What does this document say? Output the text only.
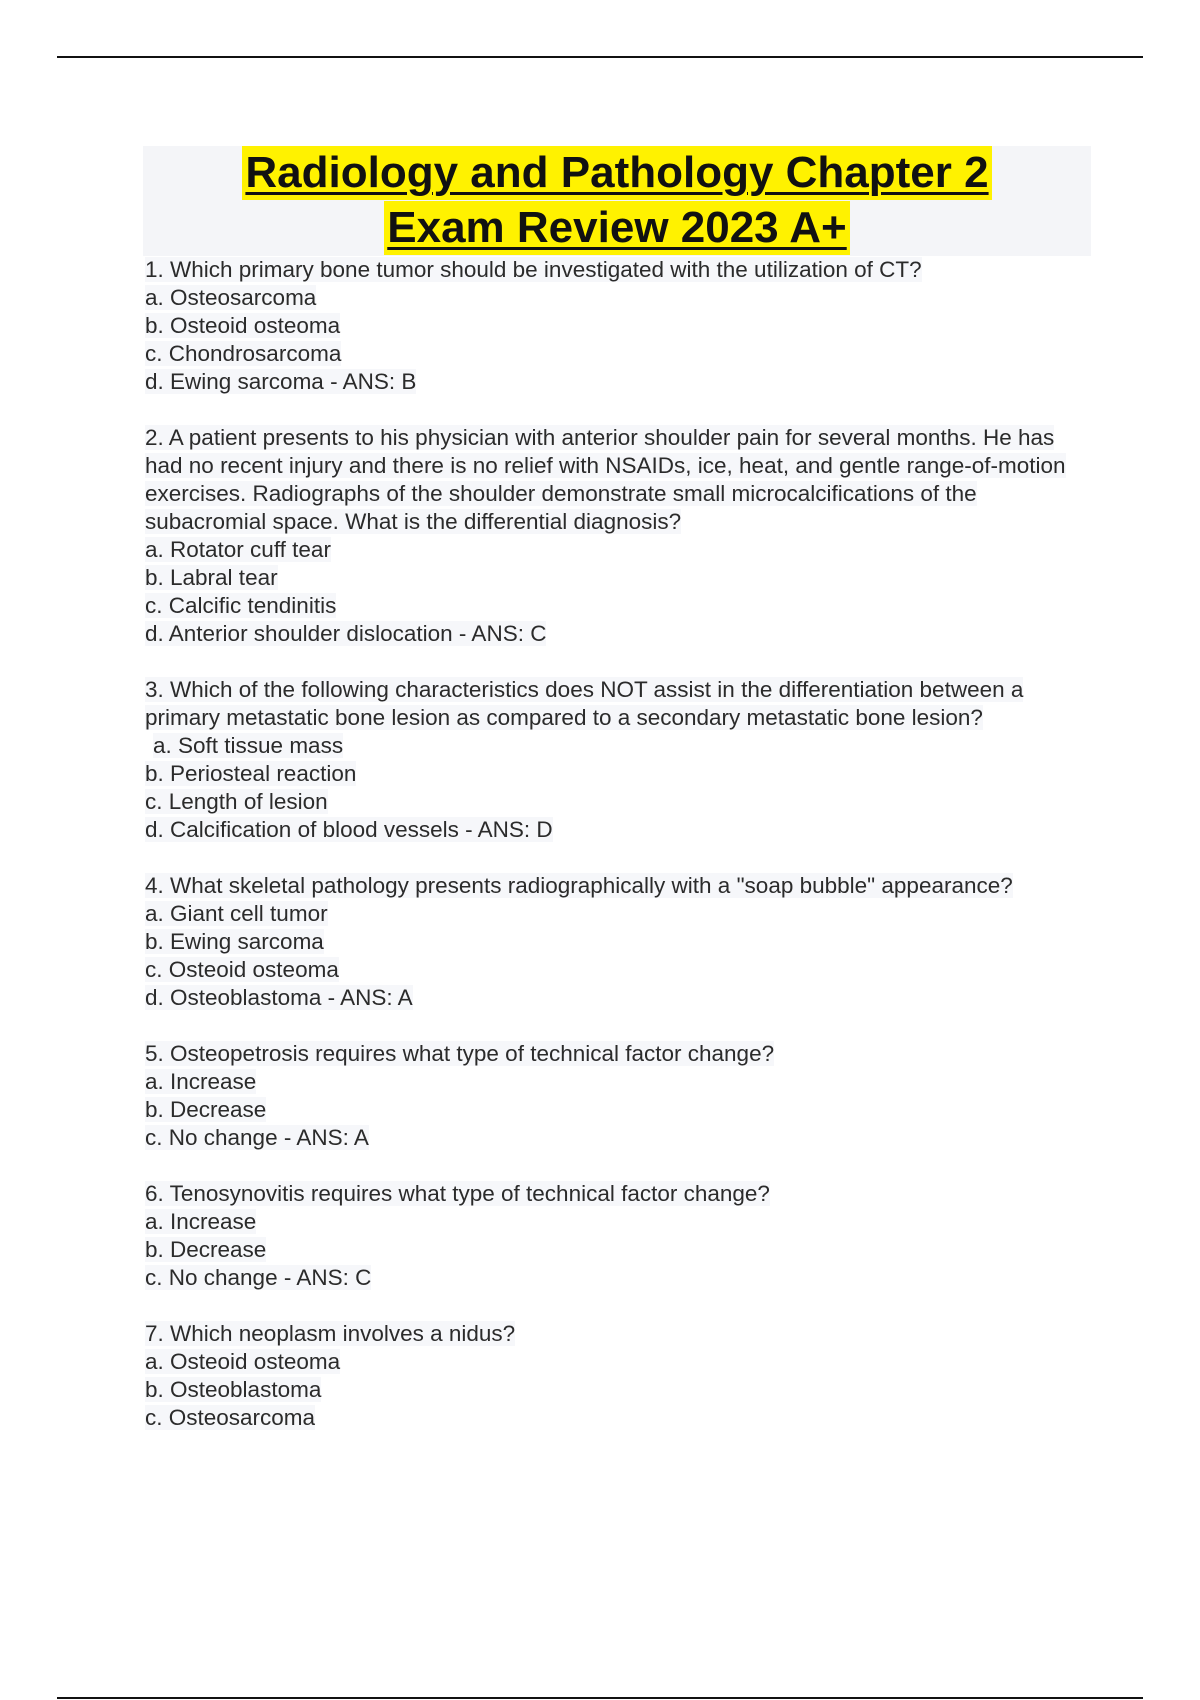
Radiology and Pathology Chapter 2
Exam Review 2023 A+

1. Which primary bone tumor should be investigated with the utilization of CT?

a. Osteosarcoma

b. Osteoid osteoma

c. Chondrosarcoma

d. Ewing sarcoma - ANS: B

2. A patient presents to his physician with anterior shoulder pain for several months. He has had no recent injury and there is no relief with NSAIDs, ice, heat, and gentle range-of-motion exercises. Radiographs of the shoulder demonstrate small microcalcifications of the subacromial space. What is the differential diagnosis?

a. Rotator cuff tear

b. Labral tear

c. Calcific tendinitis

d. Anterior shoulder dislocation - ANS: C

3. Which of the following characteristics does NOT assist in the differentiation between a primary metastatic bone lesion as compared to a secondary metastatic bone lesion?

a. Soft tissue mass

b. Periosteal reaction

c. Length of lesion

d. Calcification of blood vessels - ANS: D

4. What skeletal pathology presents radiographically with a "soap bubble" appearance?

a. Giant cell tumor

b. Ewing sarcoma

c. Osteoid osteoma

d. Osteoblastoma - ANS: A

5. Osteopetrosis requires what type of technical factor change?

a. Increase

b. Decrease

c. No change - ANS: A

6. Tenosynovitis requires what type of technical factor change?

a. Increase

b. Decrease

c. No change - ANS: C

7. Which neoplasm involves a nidus?

a. Osteoid osteoma

b. Osteoblastoma

c. Osteosarcoma
